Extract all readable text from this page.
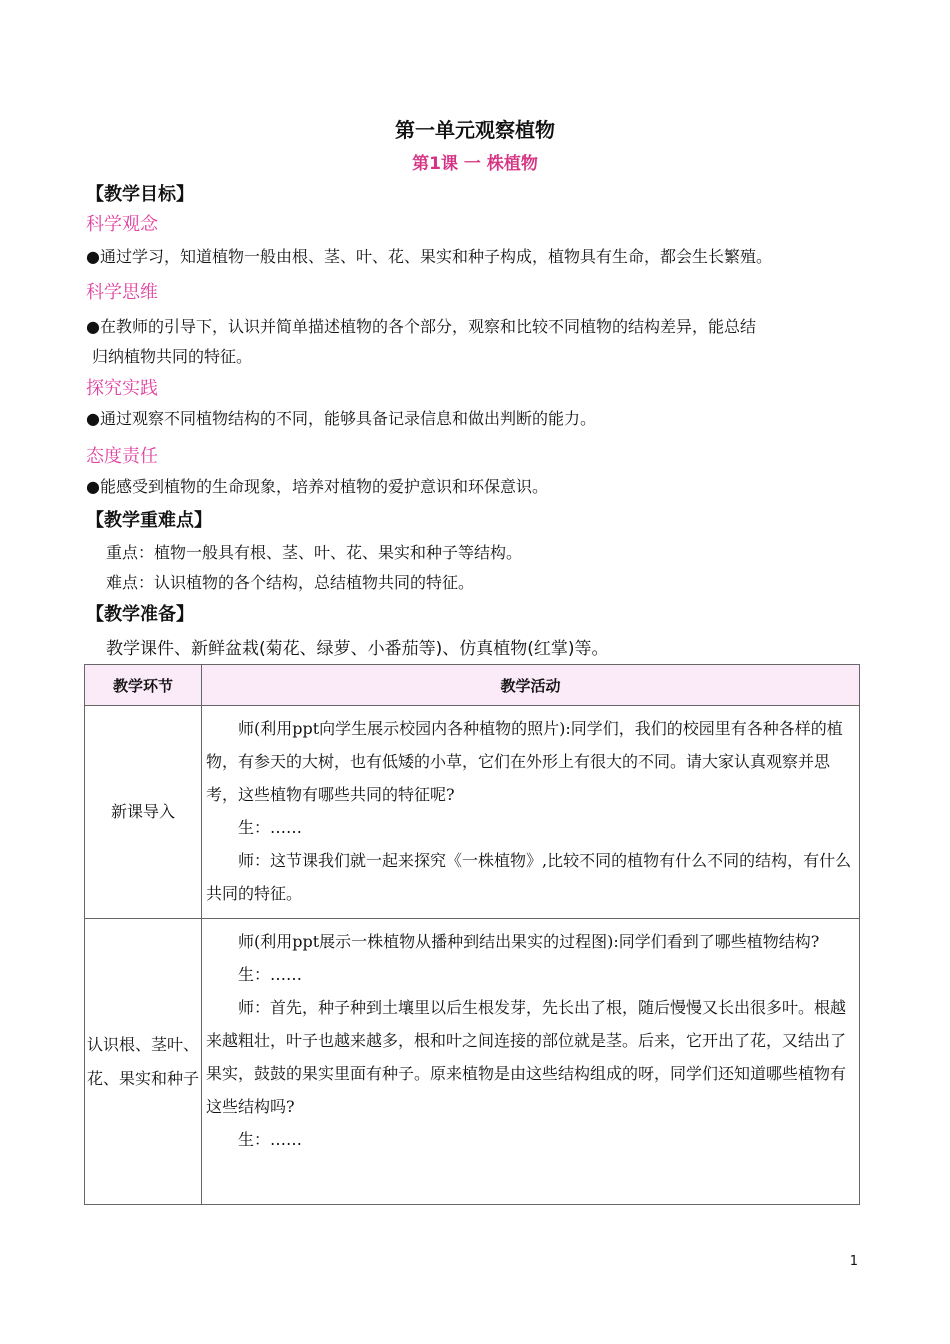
第一单元观察植物
第1课 一 株植物
【教学目标】
科学观念
●通过学习，知道植物一般由根、茎、叶、花、果实和种子构成，植物具有生命，都会生长繁殖。
科学思维
●在教师的引导下，认识并简单描述植物的各个部分，观察和比较不同植物的结构差异，能总结
归纳植物共同的特征。
探究实践
●通过观察不同植物结构的不同，能够具备记录信息和做出判断的能力。
态度责任
●能感受到植物的生命现象，培养对植物的爱护意识和环保意识。
【教学重难点】
重点：植物一般具有根、茎、叶、花、果实和种子等结构。
难点：认识植物的各个结构，总结植物共同的特征。
【教学准备】
教学课件、新鲜盆栽(菊花、绿萝、小番茄等)、仿真植物(红掌)等。
教学环节	教学活动
新课导入	师(利用ppt向学生展示校园内各种植物的照片):同学们，我们的校园里有各种各样的植物，有参天的大树，也有低矮的小草，它们在外形上有很大的不同。请大家认真观察并思考，这些植物有哪些共同的特征呢?

生：……

师：这节课我们就一起来探究《一株植物》,比较不同的植物有什么不同的结构，有什么共同的特征。

认识根、茎叶、花、果实和种子	师(利用ppt展示一株植物从播种到结出果实的过程图):同学们看到了哪些植物结构?

生：……

师：首先，种子种到土壤里以后生根发芽，先长出了根，随后慢慢又长出很多叶。根越来越粗壮，叶子也越来越多，根和叶之间连接的部位就是茎。后来，它开出了花，又结出了果实，鼓鼓的果实里面有种子。原来植物是由这些结构组成的呀，同学们还知道哪些植物有这些结构吗?

生：……

1
